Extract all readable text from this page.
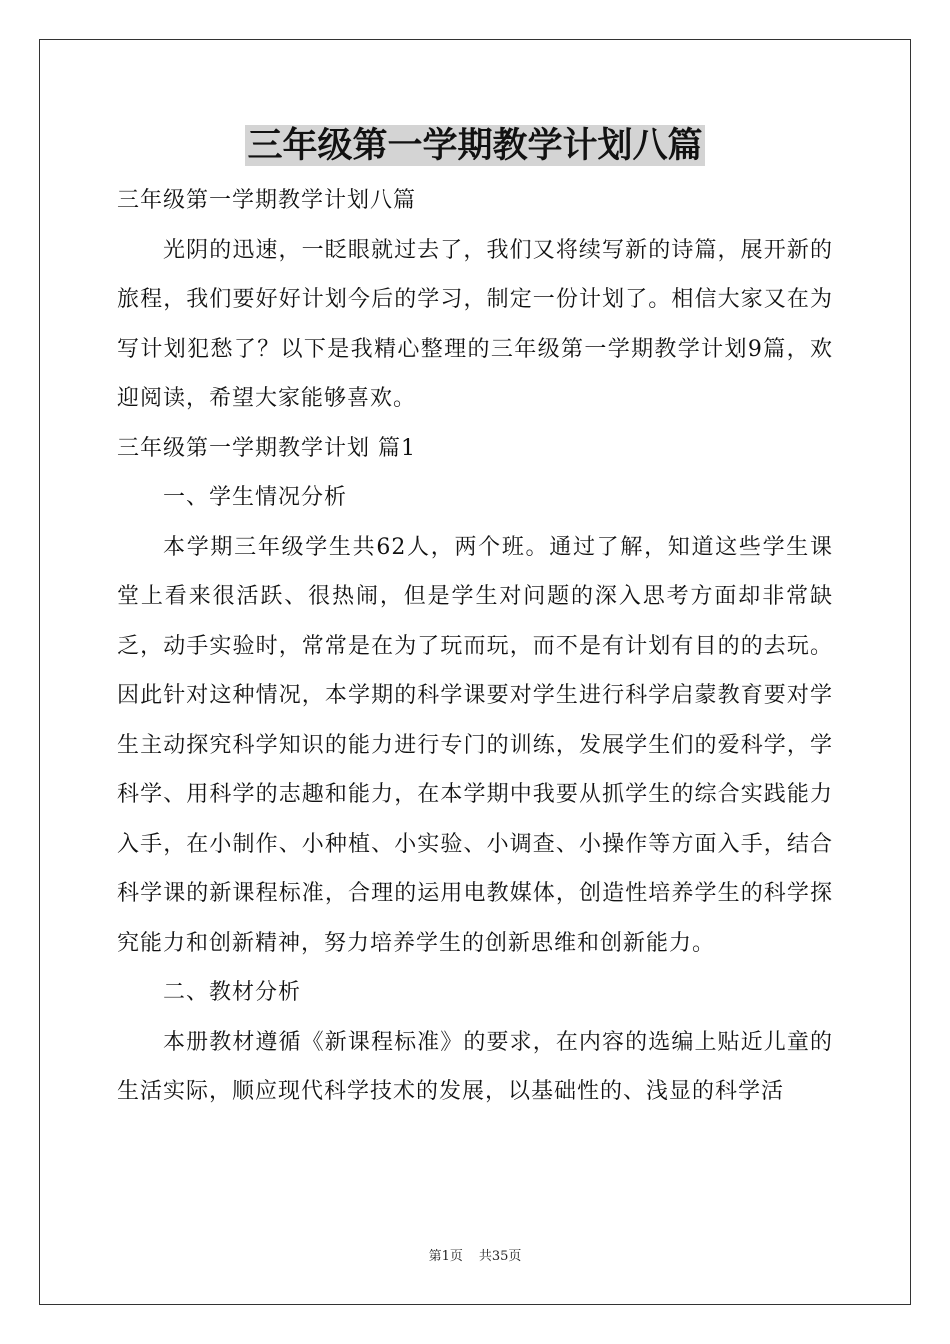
三年级第一学期教学计划八篇

三年级第一学期教学计划八篇

光阴的迅速，一眨眼就过去了，我们又将续写新的诗篇，展开新的旅程，我们要好好计划今后的学习，制定一份计划了。相信大家又在为写计划犯愁了？以下是我精心整理的三年级第一学期教学计划9篇，欢迎阅读，希望大家能够喜欢。

三年级第一学期教学计划 篇1

一、学生情况分析

本学期三年级学生共62人，两个班。通过了解，知道这些学生课堂上看来很活跃、很热闹，但是学生对问题的深入思考方面却非常缺乏，动手实验时，常常是在为了玩而玩，而不是有计划有目的的去玩。因此针对这种情况，本学期的科学课要对学生进行科学启蒙教育要对学生主动探究科学知识的能力进行专门的训练，发展学生们的爱科学，学科学、用科学的志趣和能力，在本学期中我要从抓学生的综合实践能力入手，在小制作、小种植、小实验、小调查、小操作等方面入手，结合科学课的新课程标准，合理的运用电教媒体，创造性培养学生的科学探究能力和创新精神，努力培养学生的创新思维和创新能力。

二、教材分析

本册教材遵循《新课程标准》的要求，在内容的选编上贴近儿童的生活实际，顺应现代科学技术的发展，以基础性的、浅显的科学活

第1页 共35页
